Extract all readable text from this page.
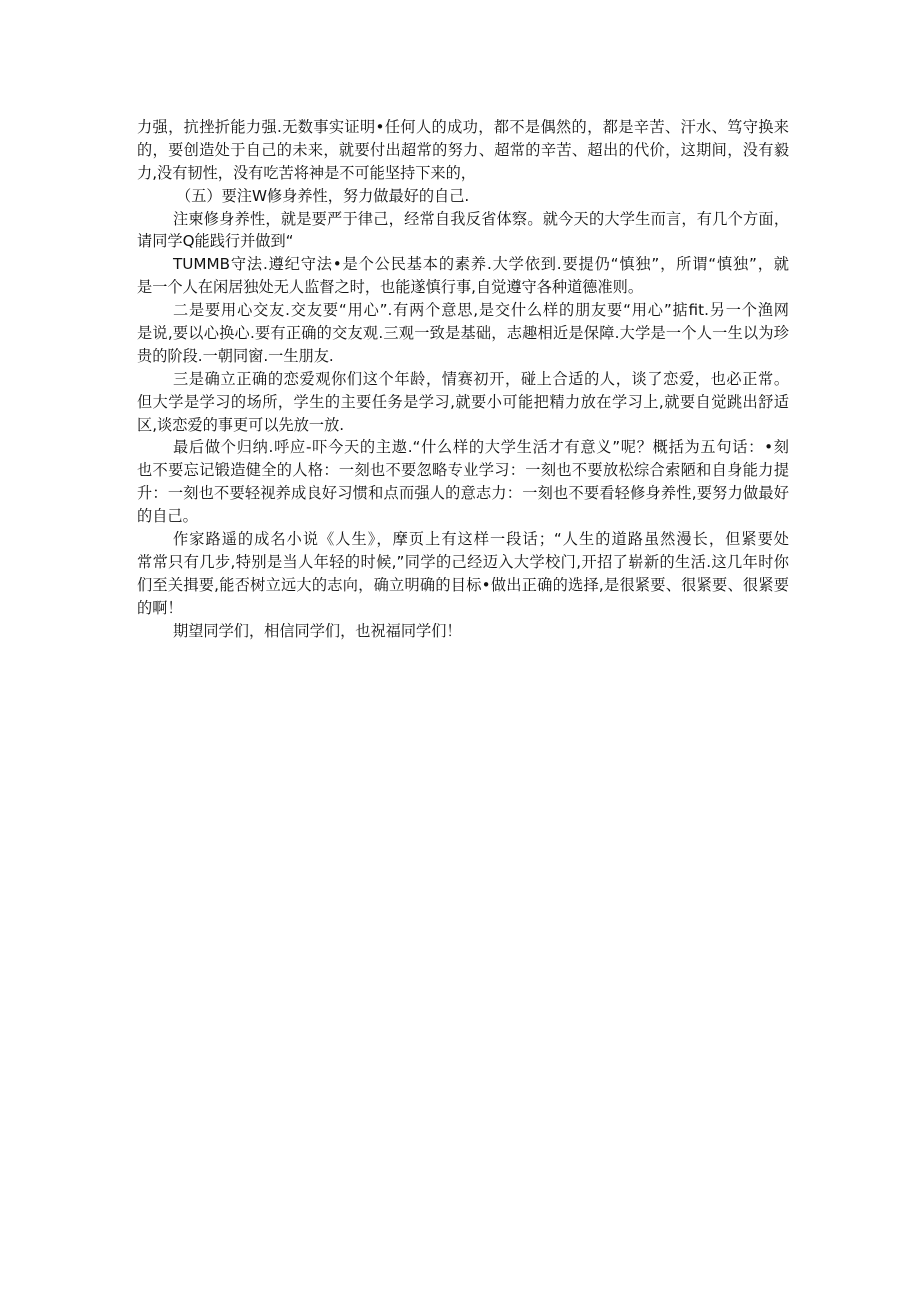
力强，抗挫折能力强.无数事实证明•任何人的成功，都不是偶然的，都是辛苦、汗水、笃守换来
的，要创造处于自己的未来，就要付出超常的努力、超常的辛苦、超出的代价，这期间，没有毅
力,没有韧性，没有吃苦将神是不可能坚持下来的，
（五）要注W修身养性，努力做最好的自己.
注柬修身养性，就是要严于律己，经常自我反省体察。就今天的大学生而言，有几个方面，
请同学Q能践行并做到“
TUMMB守法.遵纪守法•是个公民基本的素养.大学依到.要提仍“慎独”，所谓“慎独”，就
是一个人在闲居独处无人监督之时，也能遂慎行事,自觉遵守各种道德准则。
二是要用心交友.交友要“用心”.有两个意思,是交什么样的朋友要“用心”掂fit.另一个渔网
是说,要以心换心.要有正确的交友观.三观一致是基础，志趣相近是保障.大学是一个人一生以为珍
贵的阶段.一朝同窗.一生朋友.
三是确立正确的恋爱观你们这个年龄，情赛初开，碰上合适的人，谈了恋爱，也必正常。
但大学是学习的场所，学生的主要任务是学习,就要小可能把精力放在学习上,就要自觉跳出舒适
区,谈恋爱的事更可以先放一放.
最后做个归纳.呼应-吓今天的主遨.“什么样的大学生活才有意义”呢？概括为五句话：•刻
也不要忘记锻造健全的人格：一刻也不要忽略专业学习：一刻也不要放松综合索陋和自身能力提
升：一刻也不要轻视养成良好习惯和点而强人的意志力：一刻也不要看轻修身养性,要努力做最好
的自己。
作家路遥的成名小说《人生》，摩页上有这样一段话；“人生的道路虽然漫长，但紧要处
常常只有几步,特别是当人年轻的时候,”同学的己经迈入大学校门,开招了崭新的生活.这几年时你
们至关揖要,能否树立远大的志向，确立明确的目标•做出正确的选择,是很紧要、很紧要、很紧要
的啊！
期望同学们，相信同学们，也祝福同学们！
